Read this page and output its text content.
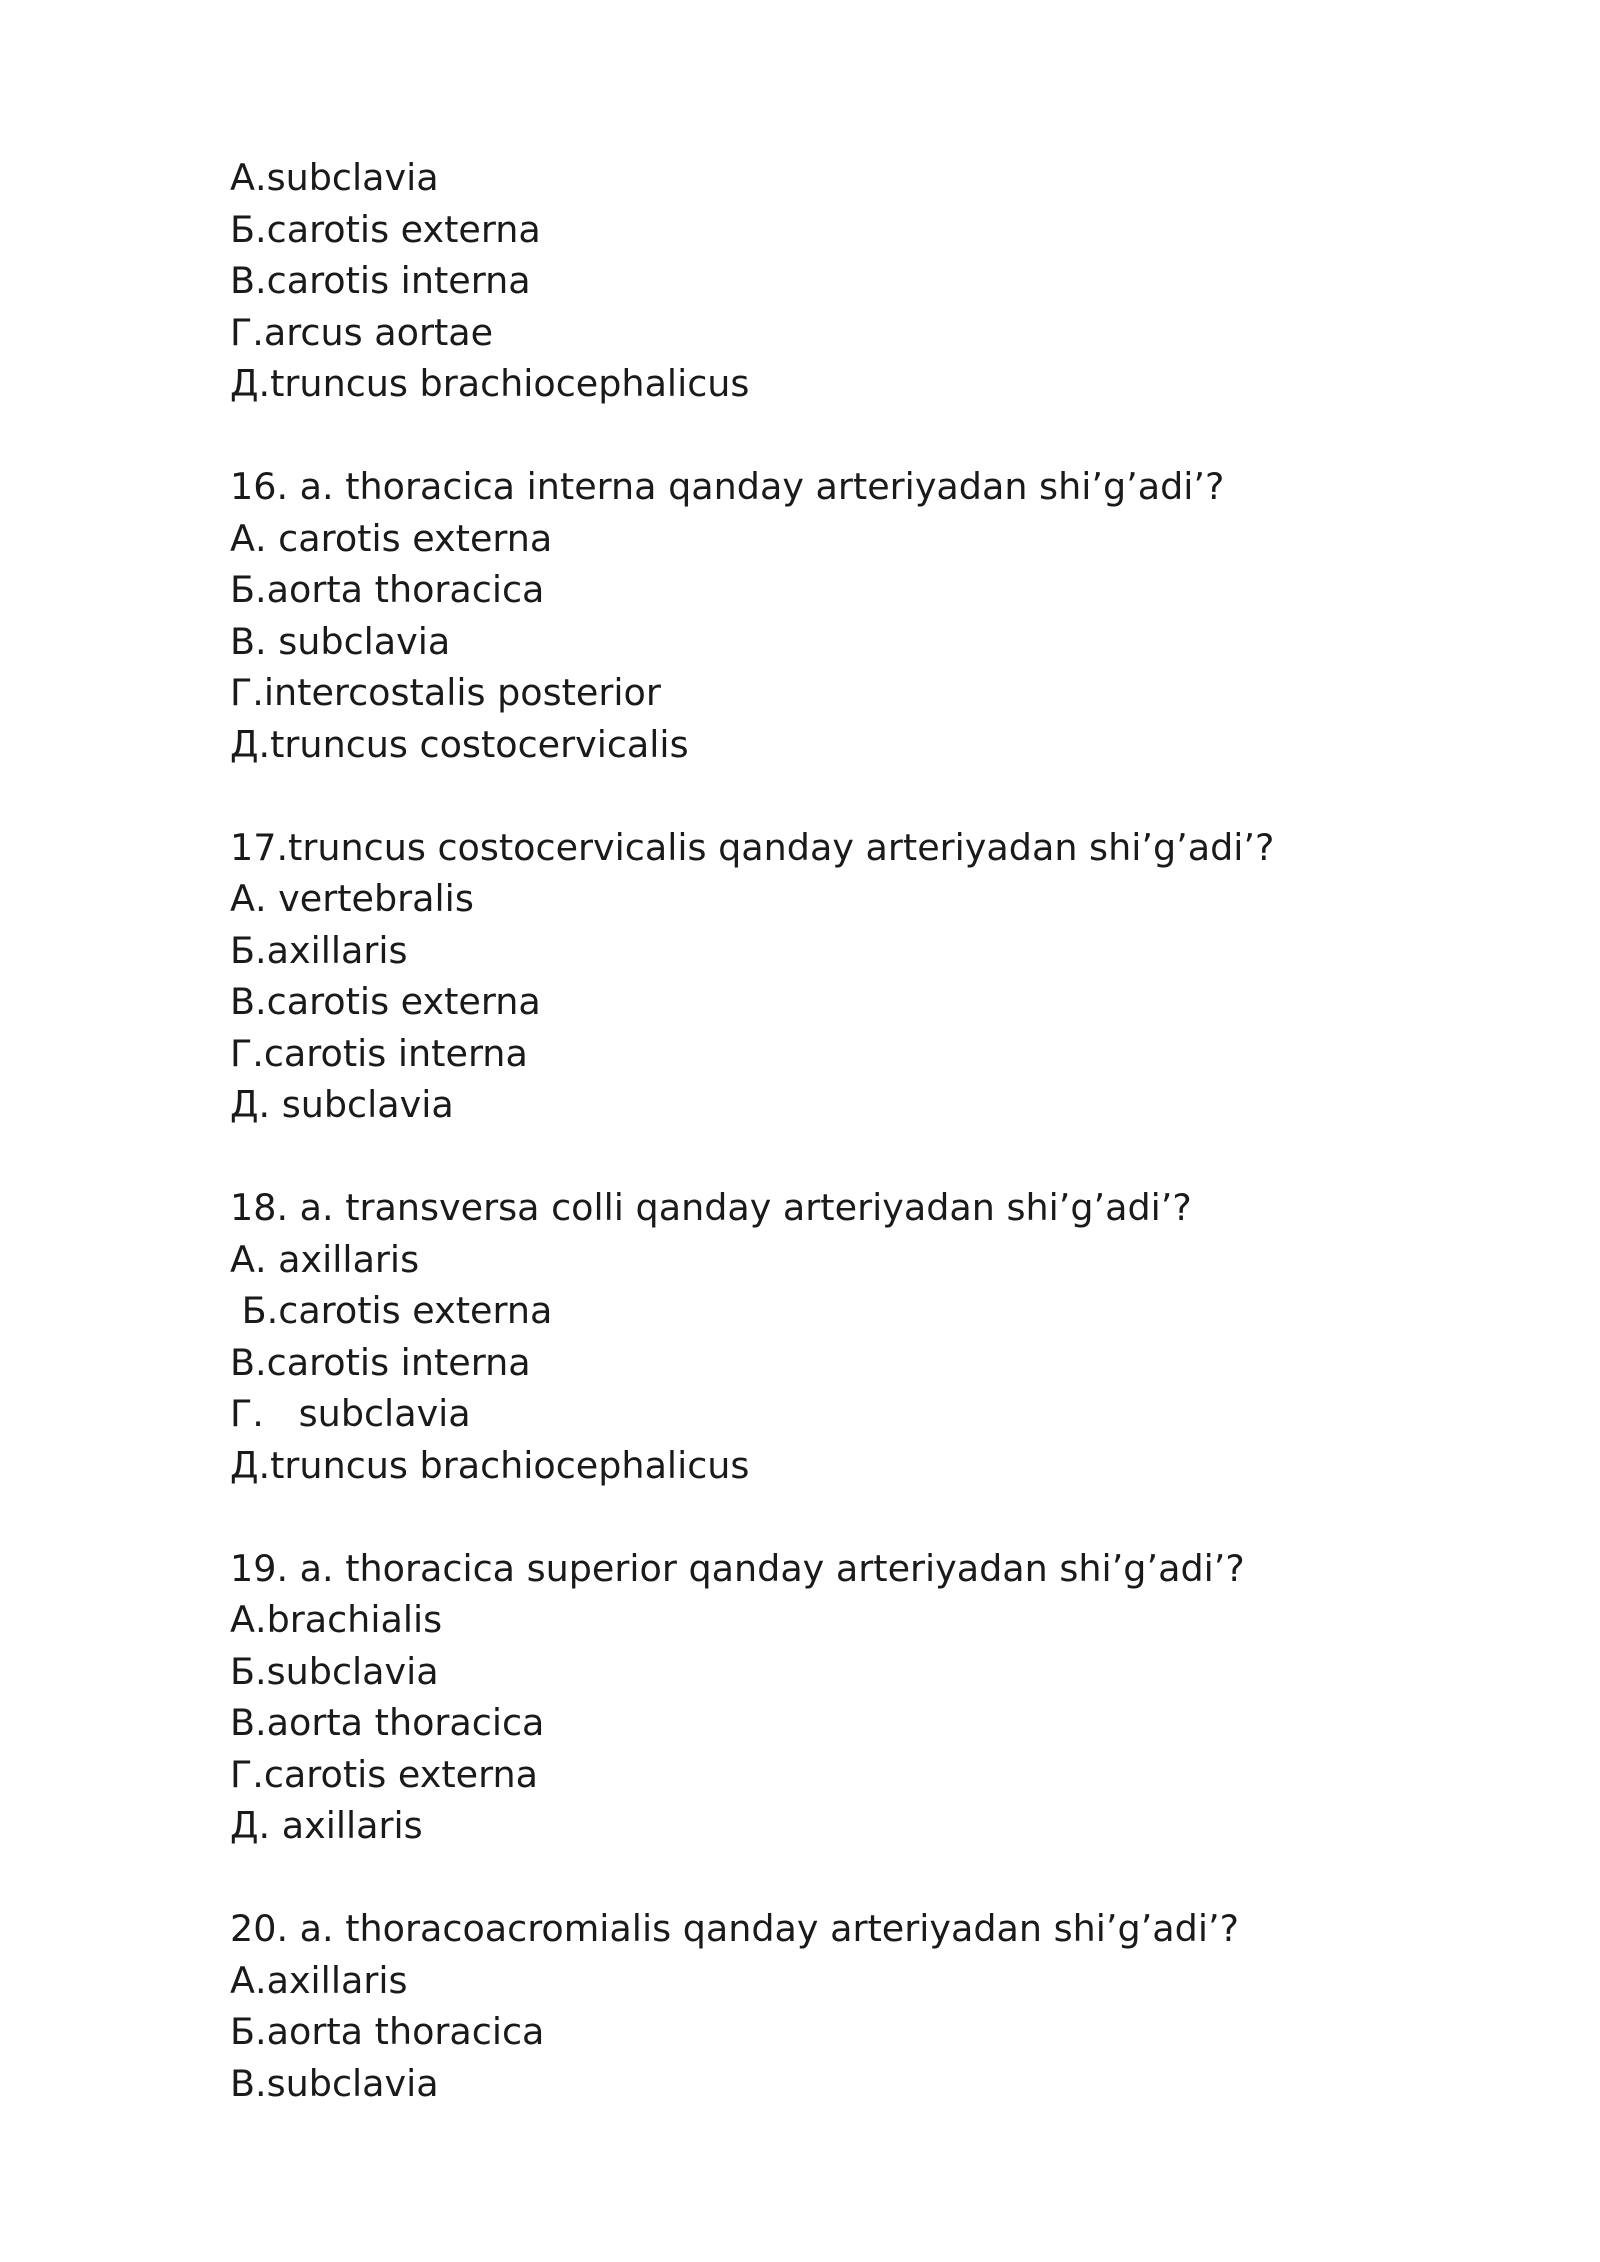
А.subclavia
Б.carotis externa
В.carotis interna
Г.arcus aortae
Д.truncus brachiocephalicus
16. a. thoracica interna qanday arteriyadan shi’g’adi’?
А. carotis externa
Б.aorta thoracica
В. subclavia
Г.intercostalis posterior
Д.truncus costocervicalis
17.truncus costocervicalis qanday arteriyadan shi’g’adi’?
А. vertebralis
Б.axillaris
В.carotis externa
Г.carotis interna
Д. subclavia
18. a. transversa colli qanday arteriyadan shi’g’adi’?
А. axillaris
Б.carotis externa
В.carotis interna
Г.   subclavia
Д.truncus brachiocephalicus
19. a. thoracica superior qanday arteriyadan shi’g’adi’?
А.brachialis
Б.subclavia
В.aorta thoracica
Г.carotis externa
Д. axillaris
20. a. thoracoacromialis qanday arteriyadan shi’g’adi’?
А.axillaris
Б.aorta thoracica
В.subclavia
